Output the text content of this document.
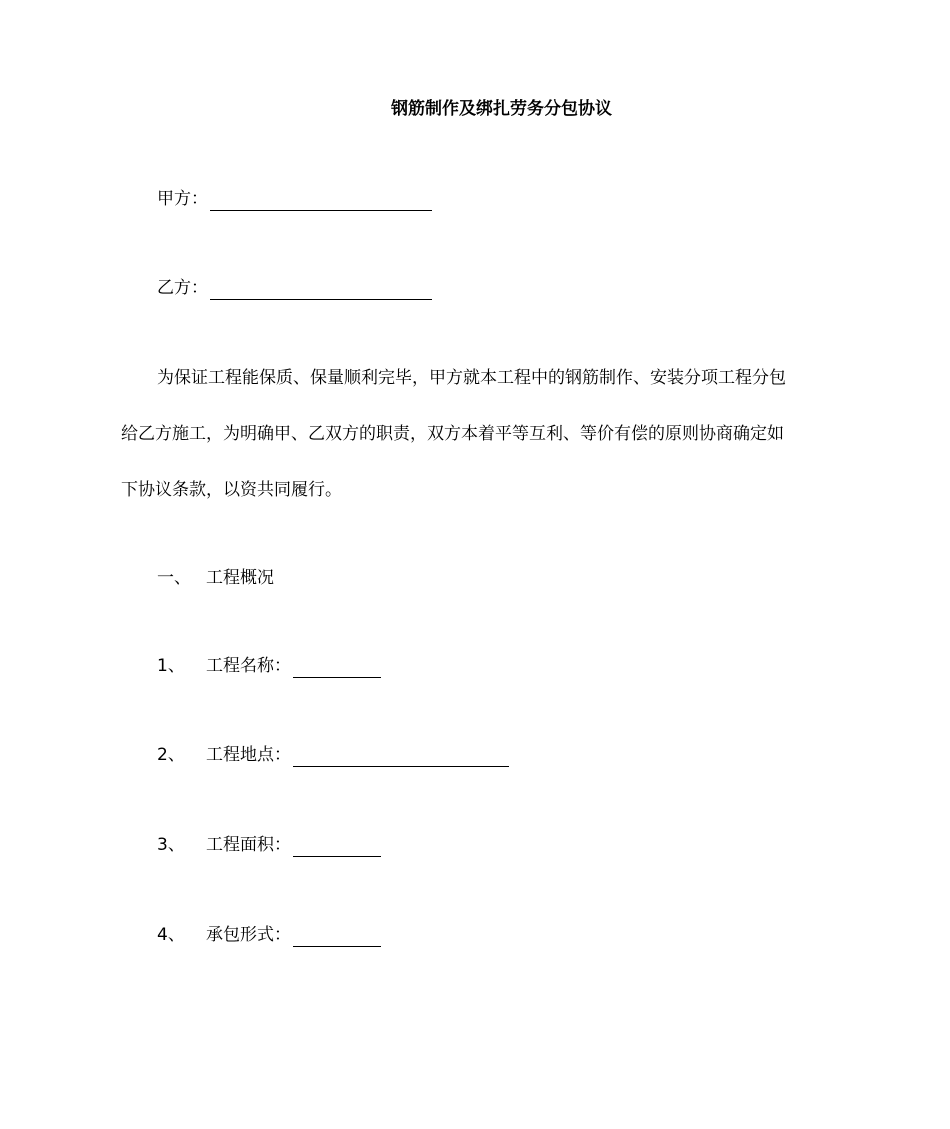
钢筋制作及绑扎劳务分包协议
甲方：
乙方：
为保证工程能保质、保量顺利完毕，甲方就本工程中的钢筋制作、安装分项工程分包
给乙方施工，为明确甲、乙双方的职责，双方本着平等互利、等价有偿的原则协商确定如
下协议条款，以资共同履行。
一、 工程概况
1、 工程名称：
2、 工程地点：
3、 工程面积：
4、 承包形式：
